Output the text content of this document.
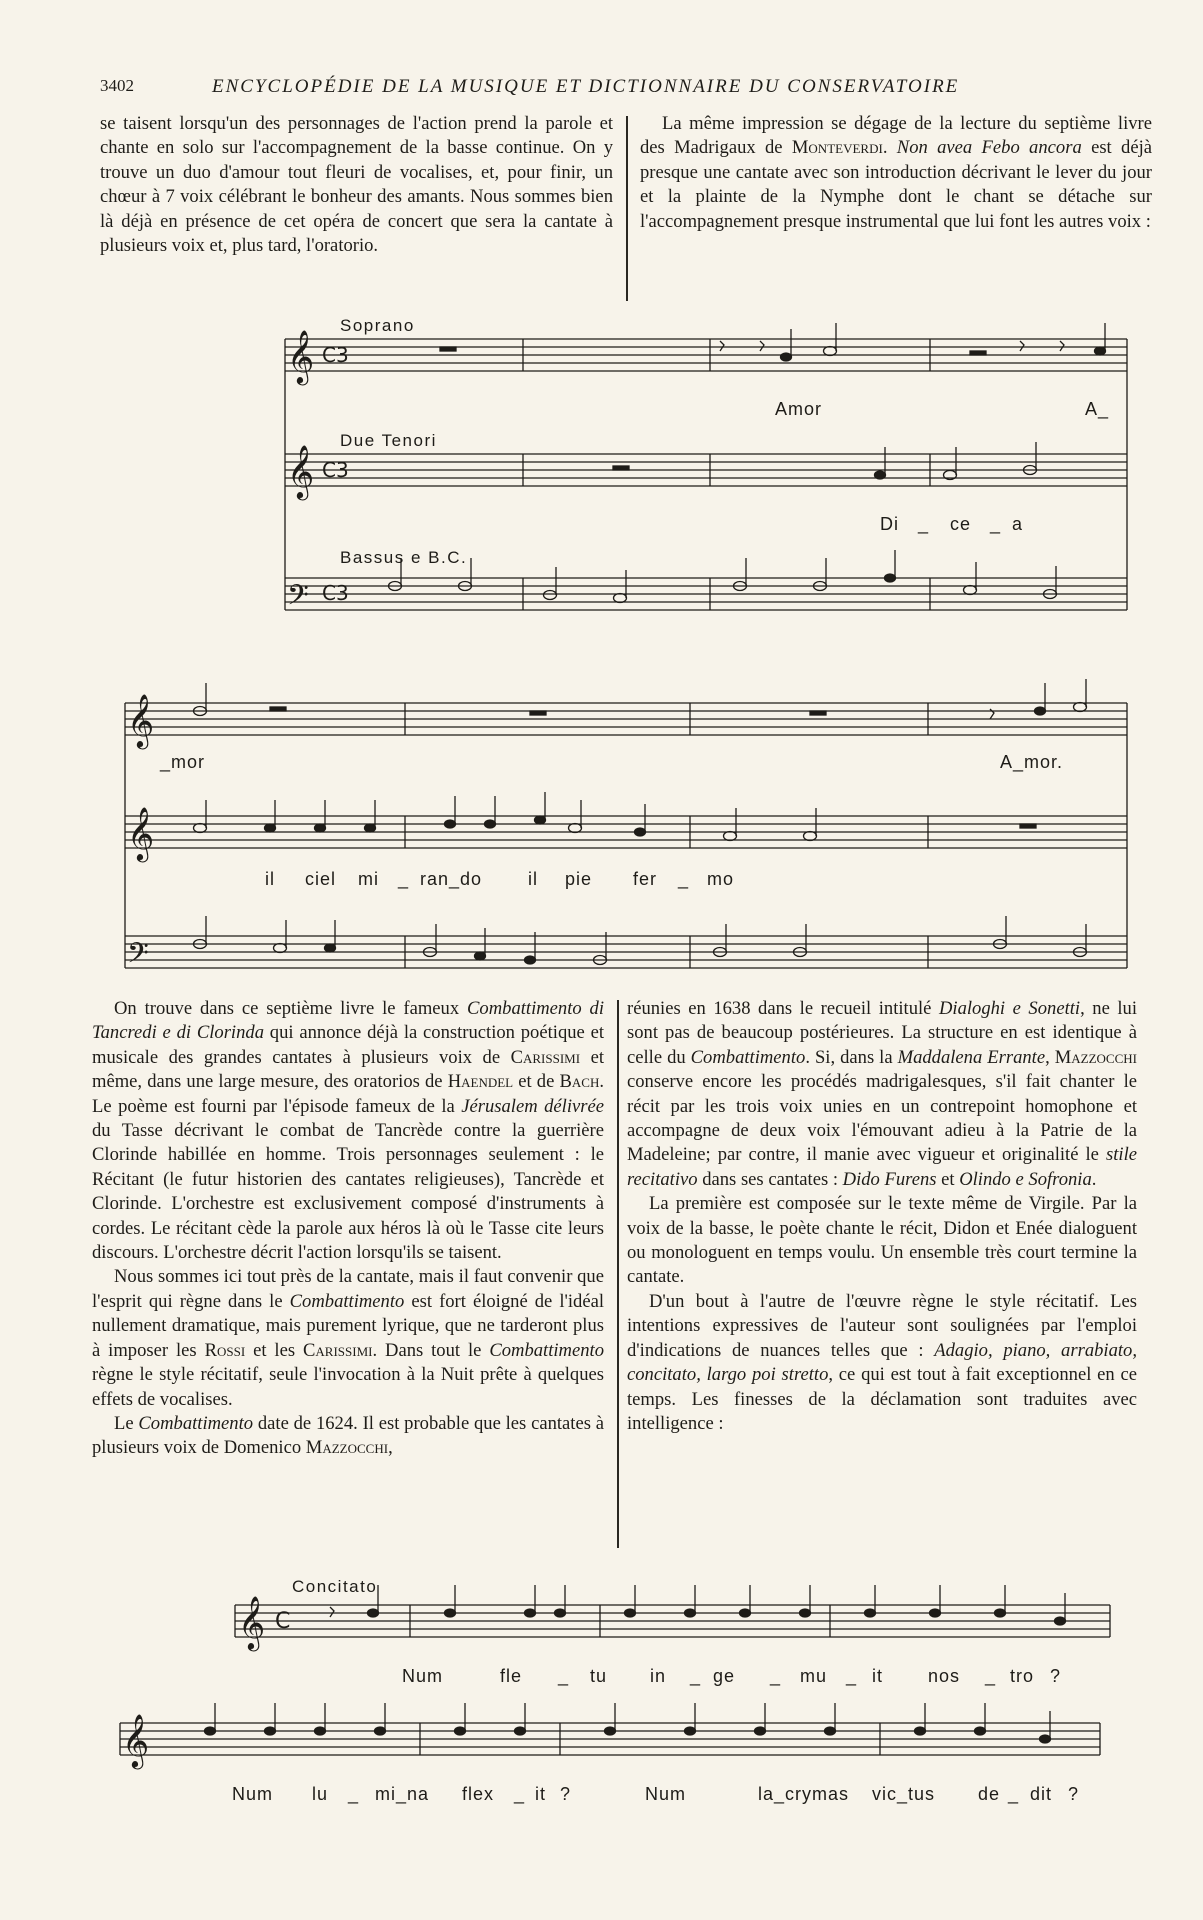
3402	ENCYCLOPÉDIE DE LA MUSIQUE ET DICTIONNAIRE DU CONSERVATOIRE

se taisent lorsqu'un des personnages de l'action prend la parole et chante en solo sur l'accompagnement de la basse continue. On y trouve un duo d'amour tout fleuri de vocalises, et, pour finir, un chœur à 7 voix célébrant le bonheur des amants. Nous sommes bien là déjà en présence de cet opéra de concert que sera la cantate à plusieurs voix et, plus tard, l'oratorio.

La même impression se dégage de la lecture du septième livre des Madrigaux de Monteverdi. Non avea Febo ancora est déjà presque une cantate avec son introduction décrivant le lever du jour et la plainte de la Nymphe dont le chant se détache sur l'accompagnement presque instrumental que lui font les autres voix :

𝄞
𝄞
𝄢
𝄞
𝄞
𝄢
C3
C3
C3
Soprano
Due Tenori
Bassus e B.C.
Amor	A_
Di _ ce _ a
_mor	A_mor.
il ciel mi _ ran_do	il pie fer _ mo

On trouve dans ce septième livre le fameux Combattimento di Tancredi e di Clorinda qui annonce déjà la construction poétique et musicale des grandes cantates à plusieurs voix de Carissimi et même, dans une large mesure, des oratorios de Haendel et de Bach. Le poème est fourni par l'épisode fameux de la Jérusalem délivrée du Tasse décrivant le combat de Tancrède contre la guerrière Clorinde habillée en homme. Trois personnages seulement : le Récitant (le futur historien des cantates religieuses), Tancrède et Clorinde. L'orchestre est exclusivement composé d'instruments à cordes. Le récitant cède la parole aux héros là où le Tasse cite leurs discours. L'orchestre décrit l'action lorsqu'ils se taisent.

Nous sommes ici tout près de la cantate, mais il faut convenir que l'esprit qui règne dans le Combattimento est fort éloigné de l'idéal nullement dramatique, mais purement lyrique, que ne tarderont plus à imposer les Rossi et les Carissimi. Dans tout le Combattimento règne le style récitatif, seule l'invocation à la Nuit prête à quelques effets de vocalises.

Le Combattimento date de 1624. Il est probable que les cantates à plusieurs voix de Domenico Mazzocchi,

réunies en 1638 dans le recueil intitulé Dialoghi e Sonetti, ne lui sont pas de beaucoup postérieures. La structure en est identique à celle du Combattimento. Si, dans la Maddalena Errante, Mazzocchi conserve encore les procédés madrigalesques, s'il fait chanter le récit par les trois voix unies en un contrepoint homophone et accompagne de deux voix l'émouvant adieu à la Patrie de la Madeleine; par contre, il manie avec vigueur et originalité le stile recitativo dans ses cantates : Dido Furens et Olindo e Sofronia.

La première est composée sur le texte même de Virgile. Par la voix de la basse, le poète chante le récit, Didon et Enée dialoguent ou monologuent en temps voulu. Un ensemble très court termine la cantate.

D'un bout à l'autre de l'œuvre règne le style récitatif. Les intentions expressives de l'auteur sont soulignées par l'emploi d'indications de nuances telles que : Adagio, piano, arrabiato, concitato, largo poi stretto, ce qui est tout à fait exceptionnel en ce temps. Les finesses de la déclamation sont traduites avec intelligence :

𝄞
𝄞
C
Concitato
Num	fle _ tu in _ ge _ mu _ it	nos _ tro ?
Num lu _ mi_na flex _ it ?	Num	la_crymas vic_tus de _ dit ?
